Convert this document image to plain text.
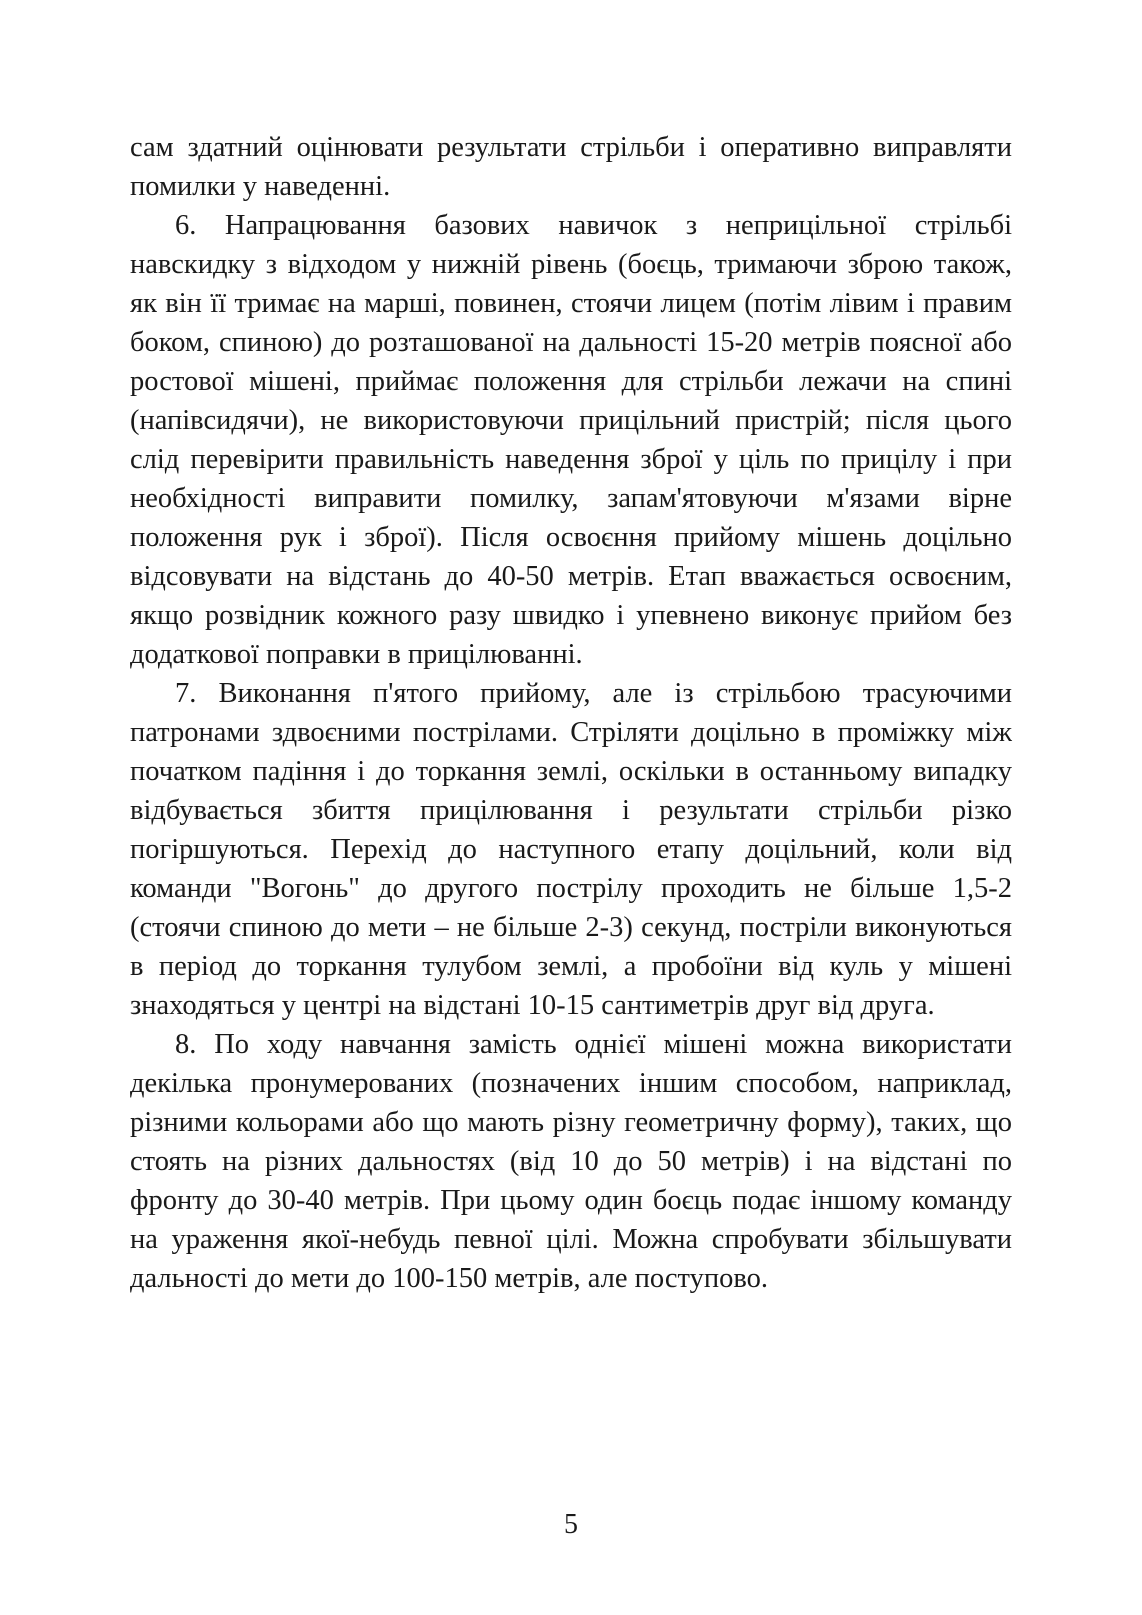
сам здатний оцінювати результати стрільби і оперативно виправляти помилки у наведенні.

6. Напрацювання базових навичок з неприцільної стрільбі навскидку з відходом у нижній рівень (боєць, тримаючи зброю також, як він її тримає на марші, повинен, стоячи лицем (потім лівим і правим боком, спиною) до розташованої на дальності 15-20 метрів поясної або ростової мішені, приймає положення для стрільби лежачи на спині (напівсидячи), не використовуючи прицільний пристрій; після цього слід перевірити правильність наведення зброї у ціль по прицілу і при необхідності виправити помилку, запам'ятовуючи м'язами вірне положення рук і зброї). Після освоєння прийому мішень доцільно відсовувати на відстань до 40-50 метрів. Етап вважається освоєним, якщо розвідник кожного разу швидко і упевнено виконує прийом без додаткової поправки в прицілюванні.

7. Виконання п'ятого прийому, але із стрільбою трасуючими патронами здвоєними пострілами. Стріляти доцільно в проміжку між початком падіння і до торкання землі, оскільки в останньому випадку відбувається збиття прицілювання і результати стрільби різко погіршуються. Перехід до наступного етапу доцільний, коли від команди "Вогонь" до другого пострілу проходить не більше 1,5-2 (стоячи спиною до мети – не більше 2-3) секунд, постріли виконуються в період до торкання тулубом землі, а пробоїни від куль у мішені знаходяться у центрі на відстані 10-15 сантиметрів друг від друга.

8. По ходу навчання замість однієї мішені можна використати декілька пронумерованих (позначених іншим способом, наприклад, різними кольорами або що мають різну геометричну форму), таких, що стоять на різних дальностях (від 10 до 50 метрів) і на відстані по фронту до 30-40 метрів. При цьому один боєць подає іншому команду на ураження якої-небудь певної цілі. Можна спробувати збільшувати дальності до мети до 100-150 метрів, але поступово.

5
